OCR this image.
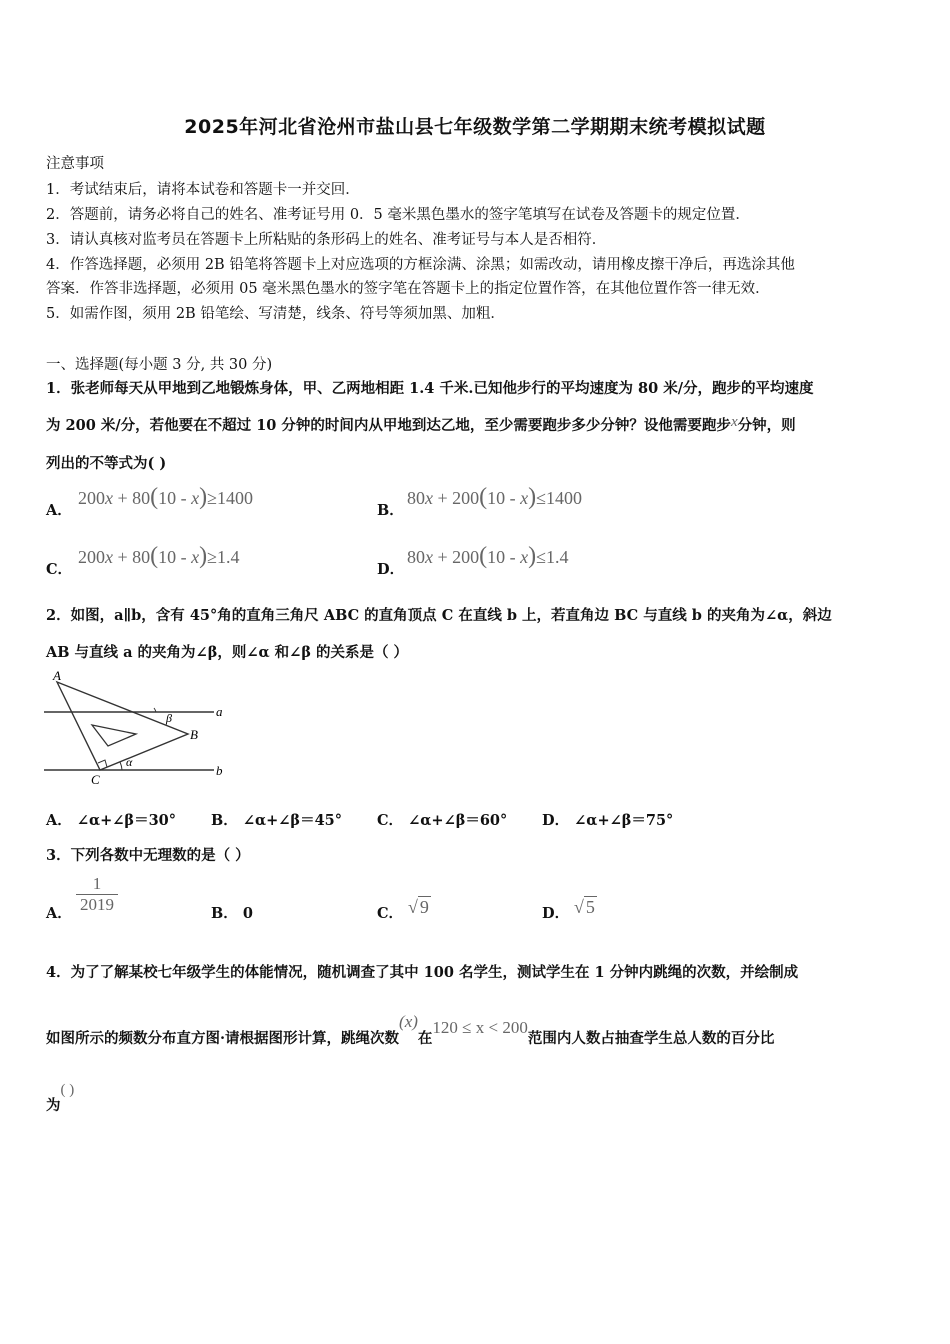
2025年河北省沧州市盐山县七年级数学第二学期期末统考模拟试题
注意事项
1．考试结束后，请将本试卷和答题卡一并交回．
2．答题前，请务必将自己的姓名、准考证号用 0．5 毫米黑色墨水的签字笔填写在试卷及答题卡的规定位置．
3．请认真核对监考员在答题卡上所粘贴的条形码上的姓名、准考证号与本人是否相符．
4．作答选择题，必须用 2B 铅笔将答题卡上对应选项的方框涂满、涂黑；如需改动，请用橡皮擦干净后，再选涂其他
答案．作答非选择题，必须用 05 毫米黑色墨水的签字笔在答题卡上的指定位置作答，在其他位置作答一律无效．
5．如需作图，须用 2B 铅笔绘、写清楚，线条、符号等须加黑、加粗．
一、选择题(每小题 3 分, 共 30 分)
1．张老师每天从甲地到乙地锻炼身体，甲、乙两地相距 1.4 千米.已知他步行的平均速度为 80 米/分，跑步的平均速度
为 200 米/分，若他要在不超过 10 分钟的时间内从甲地到达乙地，至少需要跑步多少分钟？设他需要跑步x分钟，则
列出的不等式为( )
A．
200x + 80(10 - x)≥1400
B．
80x + 200(10 - x)≤1400
C．
200x + 80(10 - x)≥1.4
D．
80x + 200(10 - x)≤1.4
2．如图，a∥b，含有 45°角的直角三角尺 ABC 的直角顶点 C 在直线 b 上，若直角边 BC 与直线 b 的夹角为∠α，斜边
AB 与直线 a 的夹角为∠β，则∠α 和∠β 的关系是（ ）
A
B
C
a
b
α
β
A． ∠α+∠β＝30° B． ∠α+∠β＝45° C． ∠α+∠β＝60° D． ∠α+∠β＝75°
3．下列各数中无理数的是（ ）
A． $\frac{1}{2019}$	B． 0	C． √ 9	D． √ 5
4．为了了解某校七年级学生的体能情况，随机调查了其中 100 名学生，测试学生在 1 分钟内跳绳的次数，并绘制成
如图所示的频数分布直方图·请根据图形计算，跳绳次数(x)在120 ≤ x < 200范围内人数占抽查学生总人数的百分比
为( )
